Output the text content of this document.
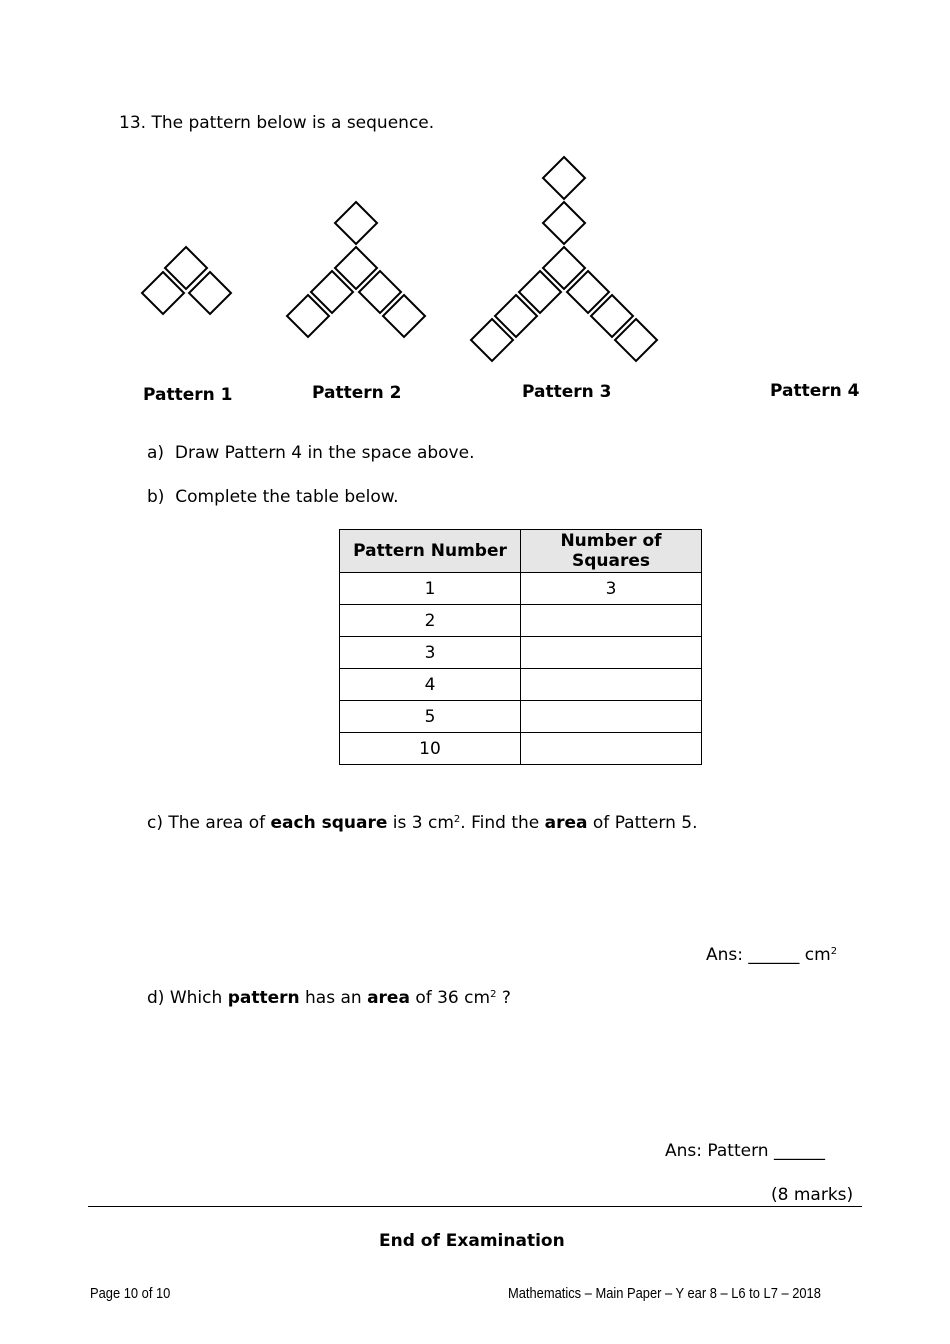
13. The pattern below is a sequence.
Pattern 1	Pattern 2	Pattern 3	Pattern 4
a) Draw Pattern 4 in the space above.
b) Complete the table below.
Pattern Number	Number of Squares
1	3
2	
3	
4	
5	
10	
c) The area of each square is 3 $cm^2$. Find the area of Pattern 5.
Ans: ______ $cm^2$
d) Which pattern has an area of 36 $cm^2$ ?
Ans: Pattern ______
(8 marks)
End of Examination
Page 10 of 10	Mathematics – Main Paper – Y ear 8 – L6 to L7 – 2018
